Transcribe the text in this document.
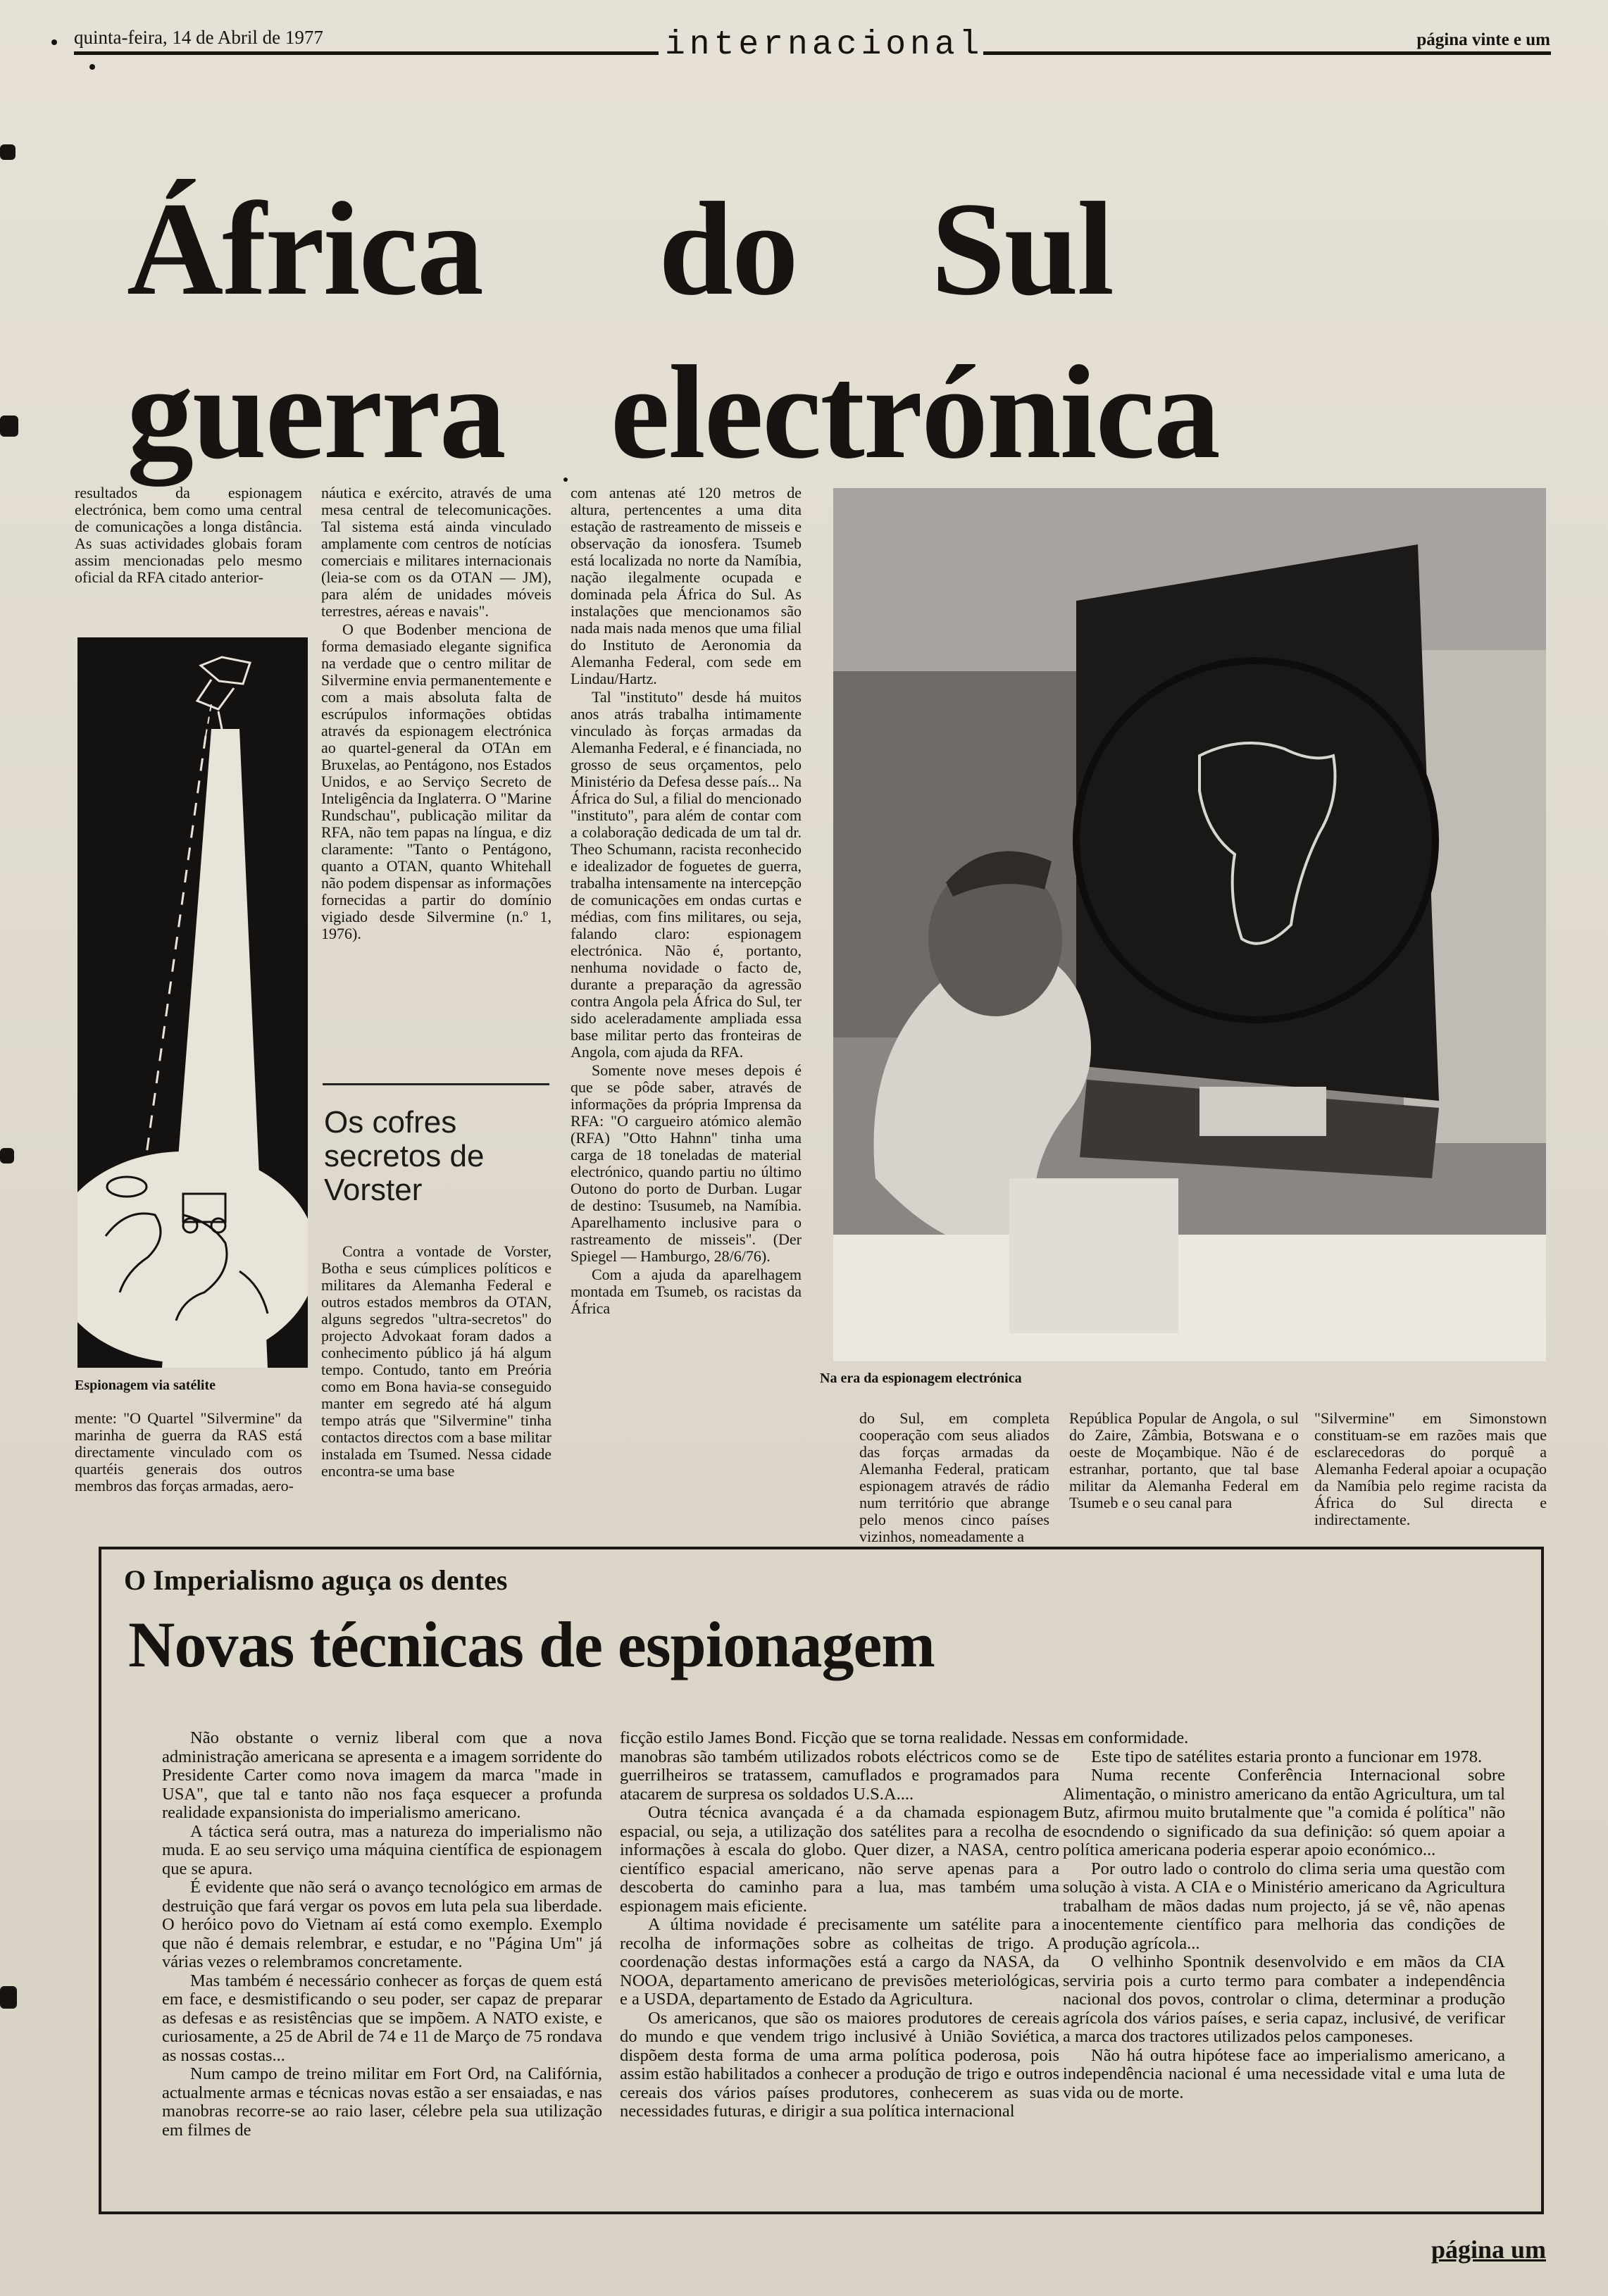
quinta-feira, 14 de Abril de 1977	internacional	página vinte e um
África do Sul
guerra electrónica

resultados da espionagem electrónica, bem como uma central de comunicações a longa distância. As suas actividades globais foram assim mencionadas pelo mesmo oficial da RFA citado anterior-

Espionagem via satélite

mente: "O Quartel "Silvermine" da marinha de guerra da RAS está directamente vinculado com os quartéis generais dos outros membros das forças armadas, aero-

náutica e exército, através de uma mesa central de telecomunicações. Tal sistema está ainda vinculado amplamente com centros de notícias comerciais e militares internacionais (leia-se com os da OTAN — JM), para além de unidades móveis terrestres, aéreas e navais".

O que Bodenber menciona de forma demasiado elegante significa na verdade que o centro militar de Silvermine envia permanentemente e com a mais absoluta falta de escrúpulos informações obtidas através da espionagem electrónica ao quartel-general da OTAn em Bruxelas, ao Pentágono, nos Estados Unidos, e ao Serviço Secreto de Inteligência da Inglaterra. O "Marine Rundschau", publicação militar da RFA, não tem papas na língua, e diz claramente: "Tanto o Pentágono, quanto a OTAN, quanto Whitehall não podem dispensar as informações fornecidas a partir do domínio vigiado desde Silvermine (n.º 1, 1976).

Os cofres secretos de Vorster

Contra a vontade de Vorster, Botha e seus cúmplices políticos e militares da Alemanha Federal e outros estados membros da OTAN, alguns segredos "ultra-secretos" do projecto Advokaat foram dados a conhecimento público já há algum tempo. Contudo, tanto em Preória como em Bona havia-se conseguido manter em segredo até há algum tempo atrás que "Silvermine" tinha contactos directos com a base militar instalada em Tsumed. Nessa cidade encontra-se uma base

com antenas até 120 metros de altura, pertencentes a uma dita estação de rastreamento de misseis e observação da ionosfera. Tsumeb está localizada no norte da Namíbia, nação ilegalmente ocupada e dominada pela África do Sul. As instalações que mencionamos são nada mais nada menos que uma filial do Instituto de Aeronomia da Alemanha Federal, com sede em Lindau/Hartz.

Tal "instituto" desde há muitos anos atrás trabalha intimamente vinculado às forças armadas da Alemanha Federal, e é financiada, no grosso de seus orçamentos, pelo Ministério da Defesa desse país... Na África do Sul, a filial do mencionado "instituto", para além de contar com a colaboração dedicada de um tal dr. Theo Schumann, racista reconhecido e idealizador de foguetes de guerra, trabalha intensamente na intercepção de comunicações em ondas curtas e médias, com fins militares, ou seja, falando claro: espionagem electrónica. Não é, portanto, nenhuma novidade o facto de, durante a preparação da agressão contra Angola pela África do Sul, ter sido aceleradamente ampliada essa base militar perto das fronteiras de Angola, com ajuda da RFA.

Somente nove meses depois é que se pôde saber, através de informações da própria Imprensa da RFA: "O cargueiro atómico alemão (RFA) "Otto Hahnn" tinha uma carga de 18 toneladas de material electrónico, quando partiu no último Outono do porto de Durban. Lugar de destino: Tsusumeb, na Namíbia. Aparelhamento inclusive para o rastreamento de misseis". (Der Spiegel — Hamburgo, 28/6/76).

Com a ajuda da aparelhagem montada em Tsumeb, os racistas da África

Na era da espionagem electrónica

do Sul, em completa cooperação com seus aliados das forças armadas da Alemanha Federal, praticam espionagem através de rádio num território que abrange pelo menos cinco países vizinhos, nomeadamente a

República Popular de Angola, o sul do Zaire, Zâmbia, Botswana e o oeste de Moçambique. Não é de estranhar, portanto, que tal base militar da Alemanha Federal em Tsumeb e o seu canal para

"Silvermine" em Simonstown constituam-se em razões mais que esclarecedoras do porquê a Alemanha Federal apoiar a ocupação da Namíbia pelo regime racista da África do Sul directa e indirectamente.

O Imperialismo aguça os dentes
Novas técnicas de espionagem

Não obstante o verniz liberal com que a nova administração americana se apresenta e a imagem sorridente do Presidente Carter como nova imagem da marca "made in USA", que tal e tanto não nos faça esquecer a profunda realidade expansionista do imperialismo americano.

A táctica será outra, mas a natureza do imperialismo não muda. E ao seu serviço uma máquina científica de espionagem que se apura.

É evidente que não será o avanço tecnológico em armas de destruição que fará vergar os povos em luta pela sua liberdade. O heróico povo do Vietnam aí está como exemplo. Exemplo que não é demais relembrar, e estudar, e no "Página Um" já várias vezes o relembramos concretamente.

Mas também é necessário conhecer as forças de quem está em face, e desmistificando o seu poder, ser capaz de preparar as defesas e as resistências que se impõem. A NATO existe, e curiosamente, a 25 de Abril de 74 e 11 de Março de 75 rondava as nossas costas...

Num campo de treino militar em Fort Ord, na Califórnia, actualmente armas e técnicas novas estão a ser ensaiadas, e nas manobras recorre-se ao raio laser, célebre pela sua utilização em filmes de

ficção estilo James Bond. Ficção que se torna realidade. Nessas manobras são também utilizados robots eléctricos como se de guerrilheiros se tratassem, camuflados e programados para atacarem de surpresa os soldados U.S.A....

Outra técnica avançada é a da chamada espionagem espacial, ou seja, a utilização dos satélites para a recolha de informações à escala do globo. Quer dizer, a NASA, centro científico espacial americano, não serve apenas para a descoberta do caminho para a lua, mas também uma espionagem mais eficiente.

A última novidade é precisamente um satélite para a recolha de informações sobre as colheitas de trigo. A coordenação destas informações está a cargo da NASA, da NOOA, departamento americano de previsões meteriológicas, e a USDA, departamento de Estado da Agricultura.

Os americanos, que são os maiores produtores de cereais do mundo e que vendem trigo inclusivé à União Soviética, dispõem desta forma de uma arma política poderosa, pois assim estão habilitados a conhecer a produção de trigo e outros cereais dos vários países produtores, conhecerem as suas necessidades futuras, e dirigir a sua política internacional

em conformidade.

Este tipo de satélites estaria pronto a funcionar em 1978.

Numa recente Conferência Internacional sobre Alimentação, o ministro americano da então Agricultura, um tal Butz, afirmou muito brutalmente que "a comida é política" não esocndendo o significado da sua definição: só quem apoiar a política americana poderia esperar apoio económico...

Por outro lado o controlo do clima seria uma questão com solução à vista. A CIA e o Ministério americano da Agricultura trabalham de mãos dadas num projecto, já se vê, não apenas inocentemente científico para melhoria das condições de produção agrícola...

O velhinho Spontnik desenvolvido e em mãos da CIA serviria pois a curto termo para combater a independência nacional dos povos, controlar o clima, determinar a produção agrícola dos vários países, e seria capaz, inclusivé, de verificar a marca dos tractores utilizados pelos camponeses.

Não há outra hipótese face ao imperialismo americano, a independência nacional é uma necessidade vital e uma luta de vida ou de morte.

página um
